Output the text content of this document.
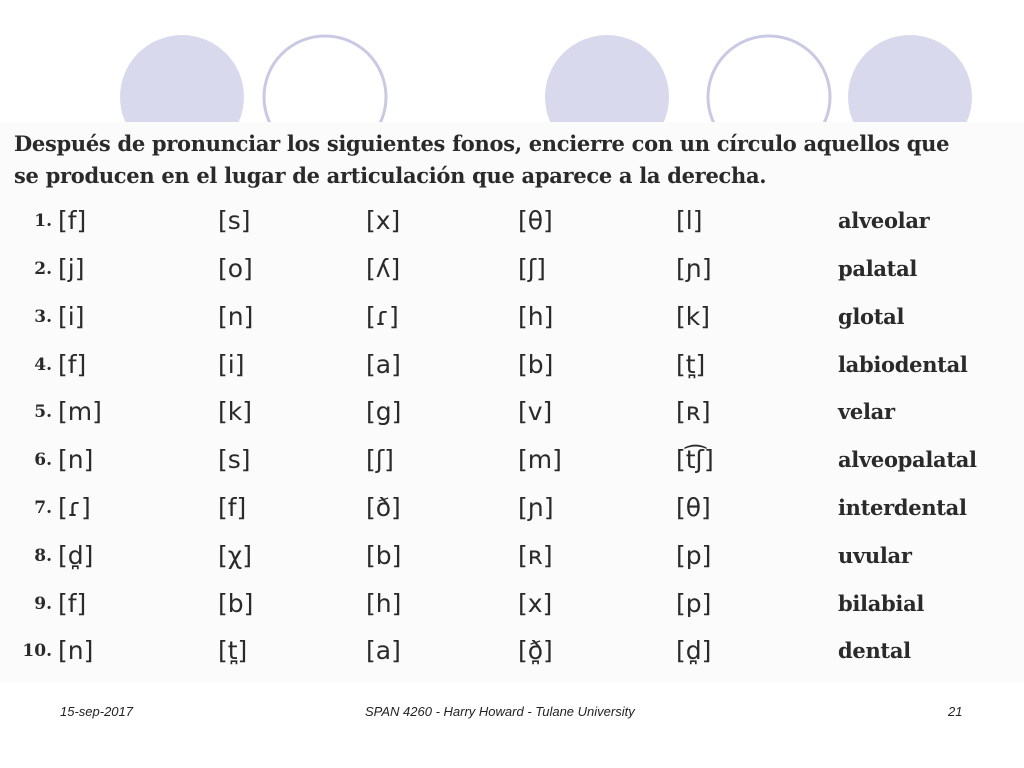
Después de pronunciar los siguientes fonos, encierre con un círculo aquellos que
se producen en el lugar de articulación que aparece a la derecha.

1. [f]	[s]	[x]	[θ]	[l]	alveolar
2. [j]	[o]	[ʎ]	[ʃ]	[ɲ]	palatal
3. [i]	[n]	[ɾ]	[h]	[k]	glotal
4. [f]	[i]	[a]	[b]	[t̪]	labiodental
5. [m]	[k]	[g]	[v]	[ʀ]	velar
6. [n]	[s]	[ʃ]	[m]	[t͡ʃ]	alveopalatal
7. [ɾ]	[f]	[ð]	[ɲ]	[θ]	interdental
8. [d̪]	[χ]	[b]	[ʀ]	[p]	uvular
9. [f]	[b]	[h]	[x]	[p]	bilabial
10. [n]	[t̪]	[a]	[ð̪]	[d̪]	dental
15-sep-2017	SPAN 4260 - Harry Howard - Tulane University	21
